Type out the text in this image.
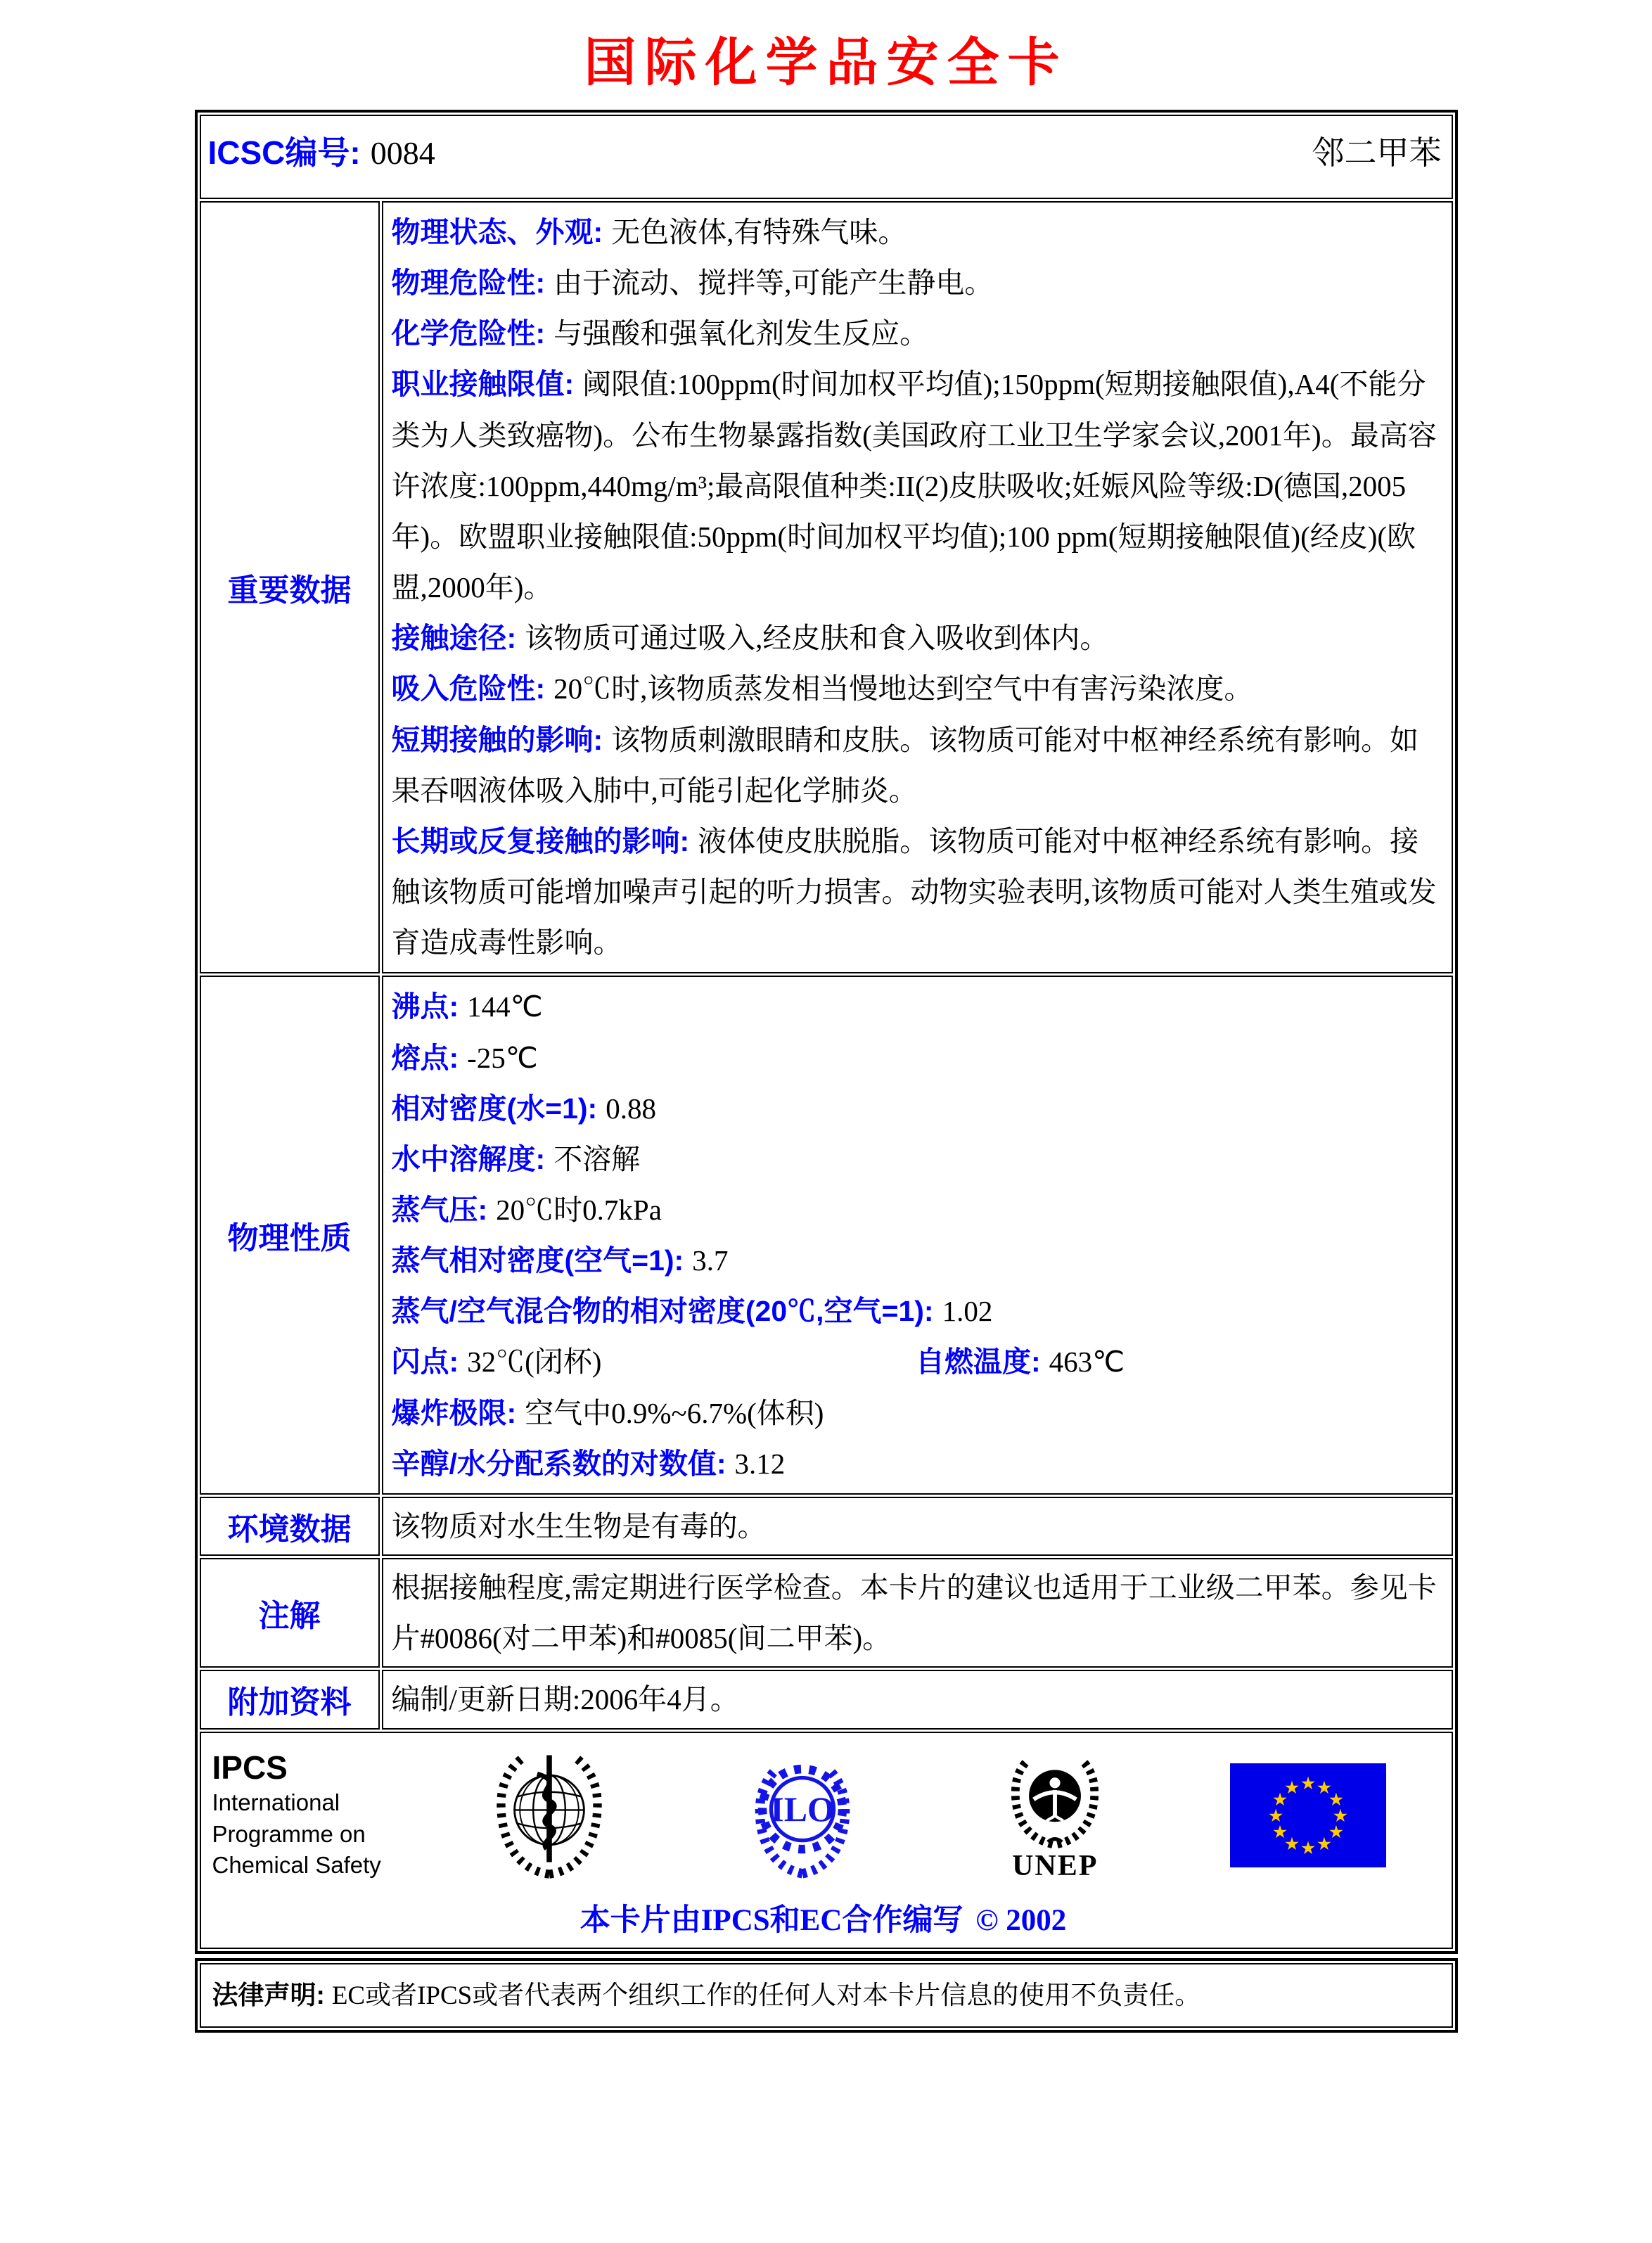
国际化学品安全卡
ICSC编号: 0084 邻二甲苯	

重要数据	
物理状态、外观: 无色液体,有特殊气味。
物理危险性: 由于流动、搅拌等,可能产生静电。
化学危险性: 与强酸和强氧化剂发生反应。
职业接触限值: 阈限值:100ppm(时间加权平均值);150ppm(短期接触限值),A4(不能分类为人类致癌物)。公布生物暴露指数(美国政府工业卫生学家会议,2001年)。最高容许浓度:100ppm,440mg/m³;最高限值种类:II(2)皮肤吸收;妊娠风险等级:D(德国,2005年)。欧盟职业接触限值:50ppm(时间加权平均值);100 ppm(短期接触限值)(经皮)(欧盟,2000年)。
接触途径: 该物质可通过吸入,经皮肤和食入吸收到体内。
吸入危险性: 20℃时,该物质蒸发相当慢地达到空气中有害污染浓度。
短期接触的影响: 该物质刺激眼睛和皮肤。该物质可能对中枢神经系统有影响。如果吞咽液体吸入肺中,可能引起化学肺炎。
长期或反复接触的影响: 液体使皮肤脱脂。该物质可能对中枢神经系统有影响。接触该物质可能增加噪声引起的听力损害。动物实验表明,该物质可能对人类生殖或发育造成毒性影响。

物理性质	
沸点: 144℃
熔点: -25℃
相对密度(水=1): 0.88
水中溶解度: 不溶解
蒸气压: 20℃时0.7kPa
蒸气相对密度(空气=1): 3.7
蒸气/空气混合物的相对密度(20℃,空气=1): 1.02
闪点: 32℃(闭杯)	自燃温度: 463℃
爆炸极限: 空气中0.9%~6.7%(体积)
辛醇/水分配系数的对数值: 3.12

环境数据	该物质对水生生物是有毒的。
注解	根据接触程度,需定期进行医学检查。本卡片的建议也适用于工业级二甲苯。参见卡片#0086(对二甲苯)和#0085(间二甲苯)。
附加资料	编制/更新日期:2006年4月。

IPCS
International
Programme on
Chemical Safety
ILO
UNEP
★ ★
★
★
★
★
★
★
★
★
★
★
本卡片由IPCS和EC合作编写 © 2002
法律声明: EC或者IPCS或者代表两个组织工作的任何人对本卡片信息的使用不负责任。
